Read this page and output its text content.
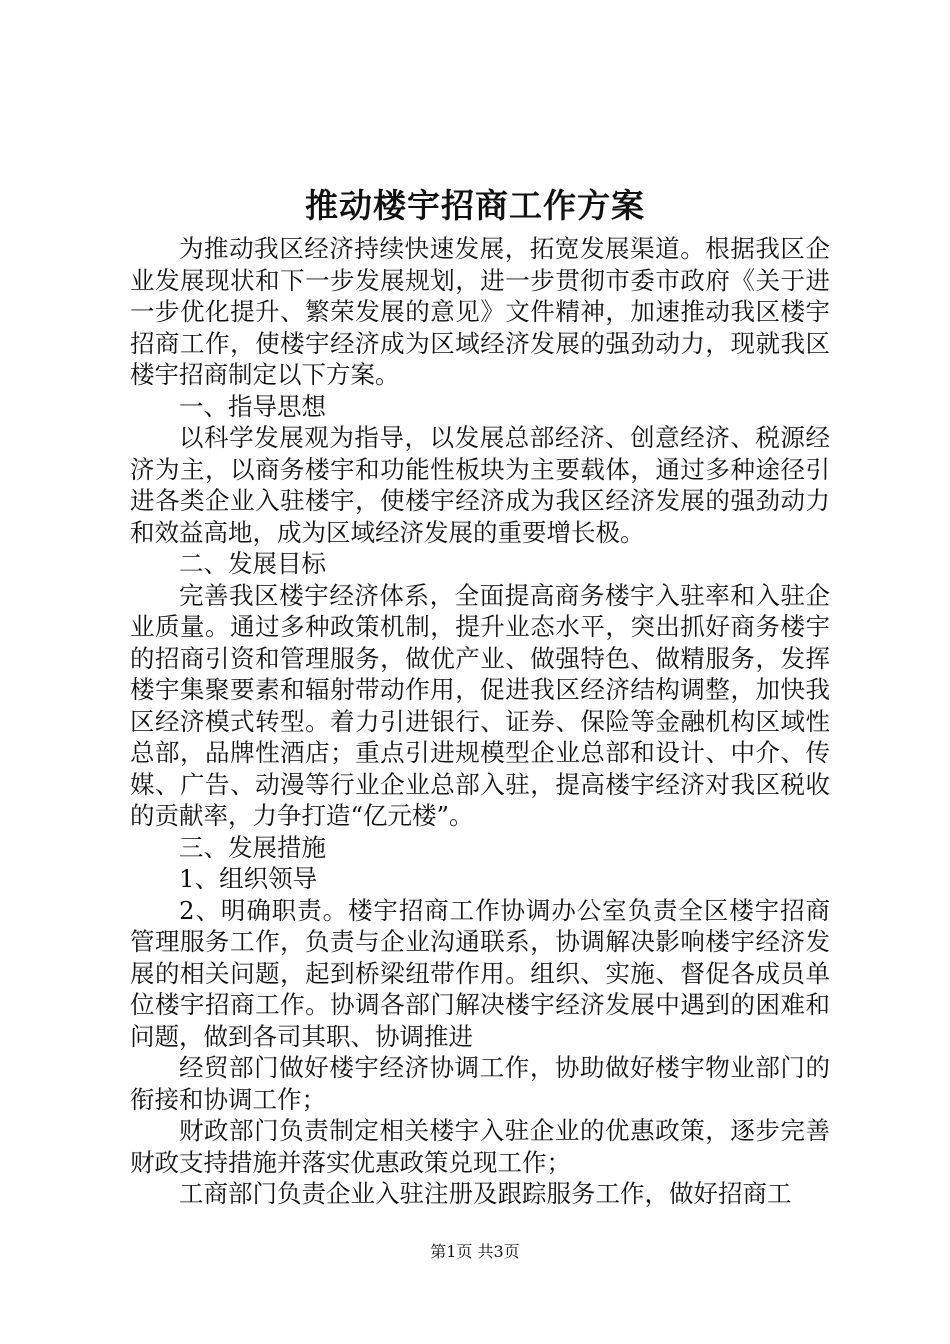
推动楼宇招商工作方案

为推动我区经济持续快速发展，拓宽发展渠道。根据我区企业发展现状和下一步发展规划，进一步贯彻市委市政府《关于进一步优化提升、繁荣发展的意见》文件精神，加速推动我区楼宇招商工作，使楼宇经济成为区域经济发展的强劲动力，现就我区楼宇招商制定以下方案。

一、指导思想

以科学发展观为指导，以发展总部经济、创意经济、税源经济为主，以商务楼宇和功能性板块为主要载体，通过多种途径引进各类企业入驻楼宇，使楼宇经济成为我区经济发展的强劲动力和效益高地，成为区域经济发展的重要增长极。

二、发展目标

完善我区楼宇经济体系，全面提高商务楼宇入驻率和入驻企业质量。通过多种政策机制，提升业态水平，突出抓好商务楼宇的招商引资和管理服务，做优产业、做强特色、做精服务，发挥楼宇集聚要素和辐射带动作用，促进我区经济结构调整，加快我区经济模式转型。着力引进银行、证券、保险等金融机构区域性总部，品牌性酒店；重点引进规模型企业总部和设计、中介、传媒、广告、动漫等行业企业总部入驻，提高楼宇经济对我区税收的贡献率，力争打造“亿元楼”。

三、发展措施

1、组织领导

2、明确职责。楼宇招商工作协调办公室负责全区楼宇招商管理服务工作，负责与企业沟通联系，协调解决影响楼宇经济发展的相关问题，起到桥梁纽带作用。组织、实施、督促各成员单位楼宇招商工作。协调各部门解决楼宇经济发展中遇到的困难和问题，做到各司其职、协调推进

经贸部门做好楼宇经济协调工作，协助做好楼宇物业部门的衔接和协调工作；

财政部门负责制定相关楼宇入驻企业的优惠政策，逐步完善财政支持措施并落实优惠政策兑现工作；

工商部门负责企业入驻注册及跟踪服务工作，做好招商工

第1页 共3页
